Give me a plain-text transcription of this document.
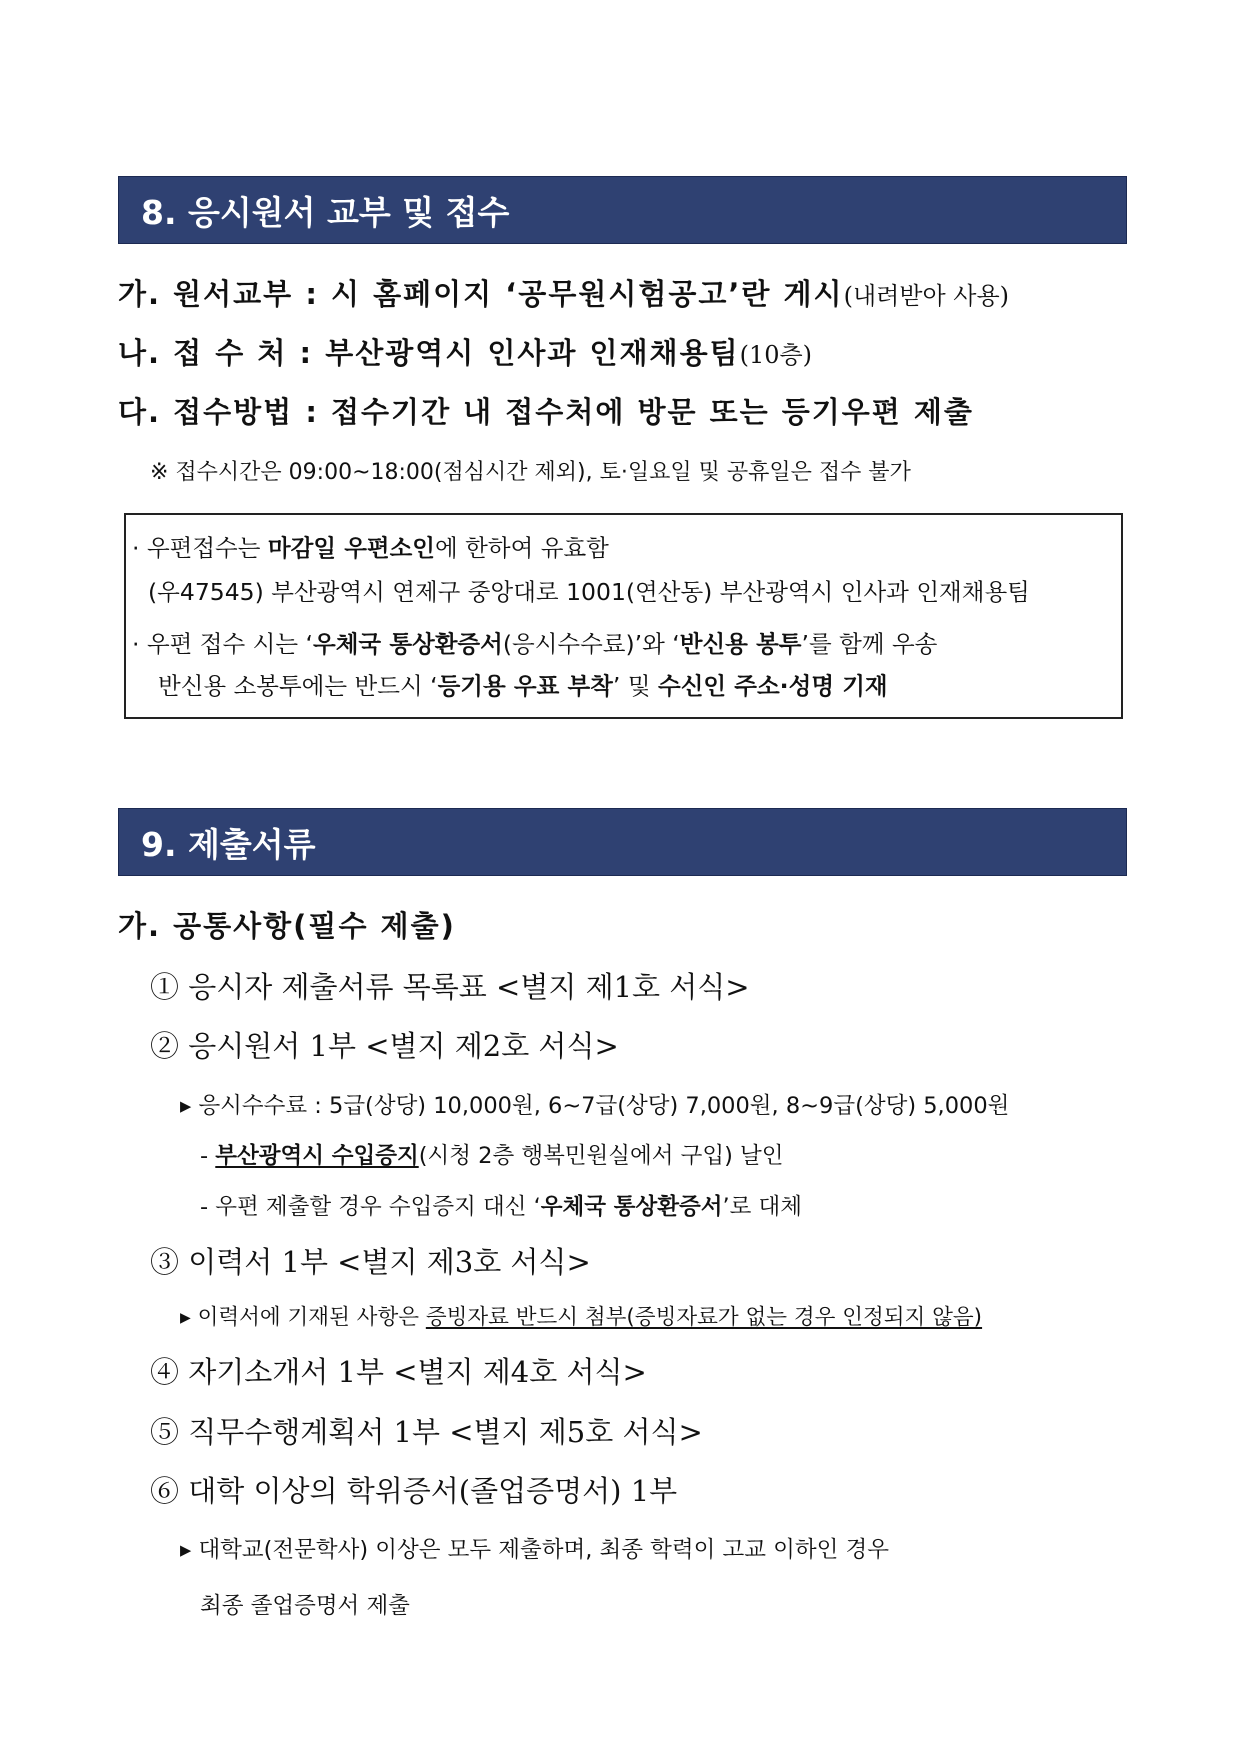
8. 응시원서 교부 및 접수
가. 원서교부 : 시 홈페이지 ‘공무원시험공고’란 게시(내려받아 사용)
나. 접 수 처 : 부산광역시 인사과 인재채용팀(10층)
다. 접수방법 : 접수기간 내 접수처에 방문 또는 등기우편 제출
※ 접수시간은 09:00~18:00(점심시간 제외), 토·일요일 및 공휴일은 접수 불가
· 우편접수는 마감일 우편소인에 한하여 유효함
(우47545) 부산광역시 연제구 중앙대로 1001(연산동) 부산광역시 인사과 인재채용팀
· 우편 접수 시는 ‘우체국 통상환증서(응시수수료)’와 ‘반신용 봉투’를 함께 우송
반신용 소봉투에는 반드시 ‘등기용 우표 부착’ 및 수신인 주소·성명 기재
9. 제출서류
가. 공통사항(필수 제출)
① 응시자 제출서류 목록표 <별지 제1호 서식>
② 응시원서 1부 <별지 제2호 서식>
▸ 응시수수료 : 5급(상당) 10,000원, 6~7급(상당) 7,000원, 8~9급(상당) 5,000원
- 부산광역시 수입증지(시청 2층 행복민원실에서 구입) 날인
- 우편 제출할 경우 수입증지 대신 ‘우체국 통상환증서’로 대체
③ 이력서 1부 <별지 제3호 서식>
▸ 이력서에 기재된 사항은 증빙자료 반드시 첨부(증빙자료가 없는 경우 인정되지 않음)
④ 자기소개서 1부 <별지 제4호 서식>
⑤ 직무수행계획서 1부 <별지 제5호 서식>
⑥ 대학 이상의 학위증서(졸업증명서) 1부
▸ 대학교(전문학사) 이상은 모두 제출하며, 최종 학력이 고교 이하인 경우
최종 졸업증명서 제출
